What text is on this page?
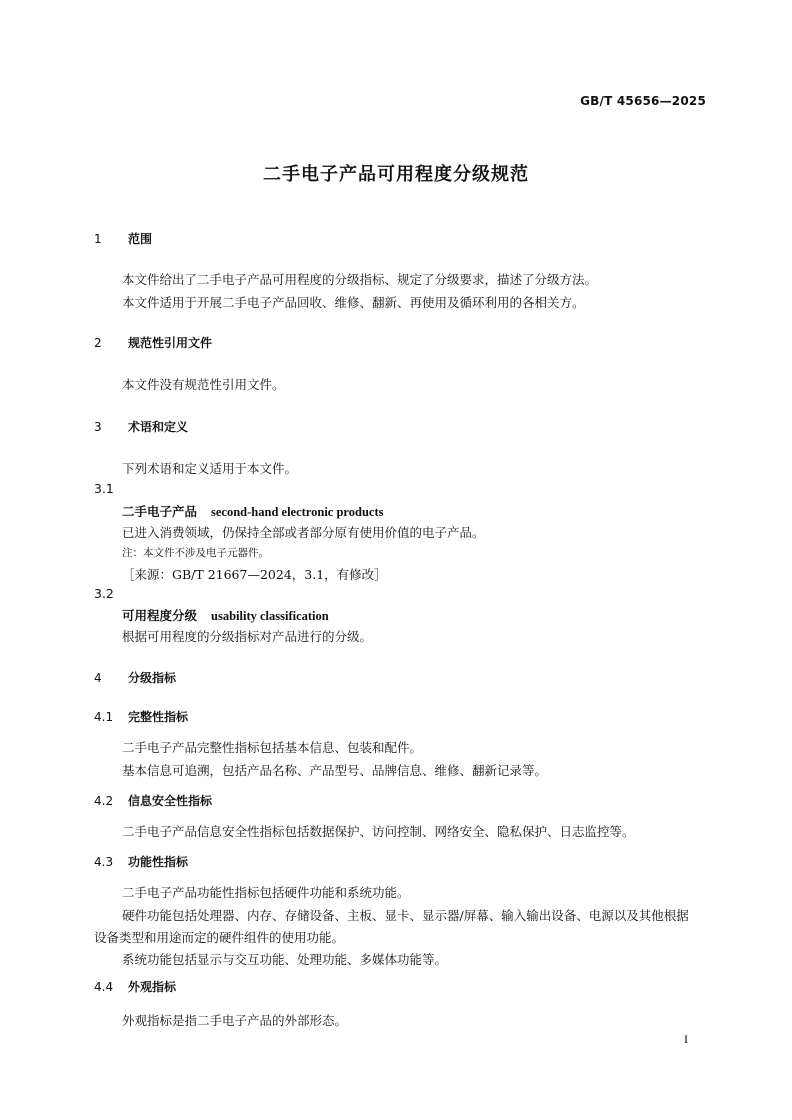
GB/T 45656—2025
二手电子产品可用程度分级规范
1 范围
本文件给出了二手电子产品可用程度的分级指标、规定了分级要求，描述了分级方法。
本文件适用于开展二手电子产品回收、维修、翻新、再使用及循环利用的各相关方。
2 规范性引用文件
本文件没有规范性引用文件。
3 术语和定义
下列术语和定义适用于本文件。
3.1
二手电子产品 second-hand electronic products
已进入消费领域，仍保持全部或者部分原有使用价值的电子产品。
注：本文件不涉及电子元器件。
［来源：GB/T 21667—2024，3.1，有修改］
3.2
可用程度分级 usability classification
根据可用程度的分级指标对产品进行的分级。
4 分级指标
4.1 完整性指标
二手电子产品完整性指标包括基本信息、包装和配件。
基本信息可追溯，包括产品名称、产品型号、品牌信息、维修、翻新记录等。
4.2 信息安全性指标
二手电子产品信息安全性指标包括数据保护、访问控制、网络安全、隐私保护、日志监控等。
4.3 功能性指标
二手电子产品功能性指标包括硬件功能和系统功能。
硬件功能包括处理器、内存、存储设备、主板、显卡、显示器/屏幕、输入输出设备、电源以及其他根据
设备类型和用途而定的硬件组件的使用功能。
系统功能包括显示与交互功能、处理功能、多媒体功能等。
4.4 外观指标
外观指标是指二手电子产品的外部形态。
I
